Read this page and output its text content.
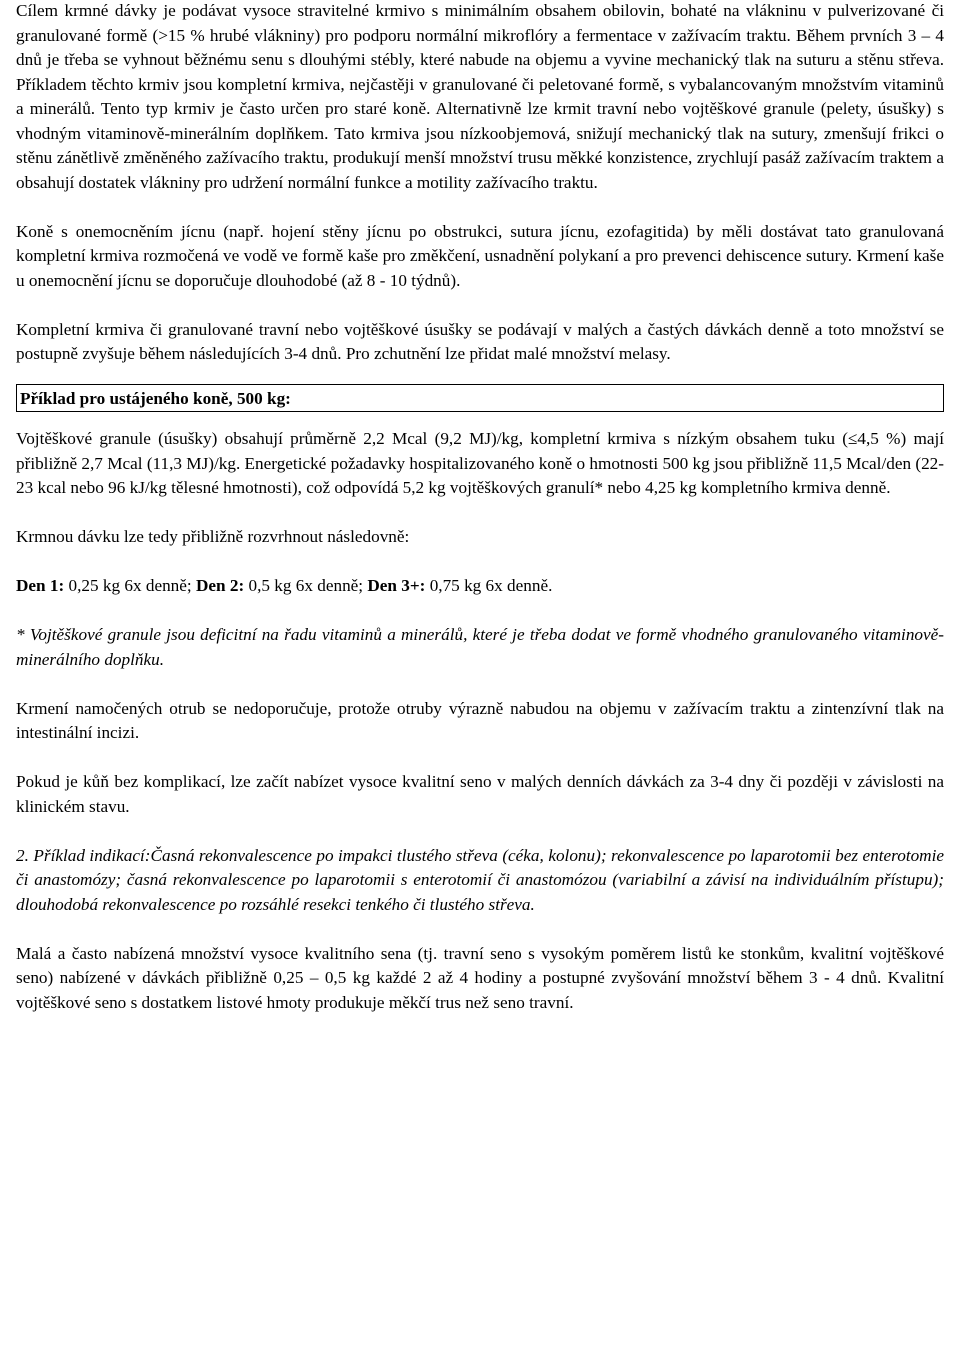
Cílem krmné dávky je podávat vysoce stravitelné krmivo s minimálním obsahem obilovin, bohaté na vlákninu v pulverizované či granulované formě (>15 % hrubé vlákniny) pro podporu normální mikroflóry a fermentace v zažívacím traktu. Během prvních 3 – 4 dnů je třeba se vyhnout běžnému senu s dlouhými stébly, které nabude na objemu a vyvine mechanický tlak na suturu a stěnu střeva. Příkladem těchto krmiv jsou kompletní krmiva, nejčastěji v granulované či peletované formě, s vybalancovaným množstvím vitaminů a minerálů. Tento typ krmiv je často určen pro staré koně. Alternativně lze krmit travní nebo vojtěškové granule (pelety, úsušky) s vhodným vitaminově-minerálním doplňkem. Tato krmiva jsou nízkoobjemová, snižují mechanický tlak na sutury, zmenšují frikci o stěnu zánětlivě změněného zažívacího traktu, produkují menší množství trusu měkké konzistence, zrychlují pasáž zažívacím traktem a obsahují dostatek vlákniny pro udržení normální funkce a motility zažívacího traktu.

Koně s onemocněním jícnu (např. hojení stěny jícnu po obstrukci, sutura jícnu, ezofagitida) by měli dostávat tato granulovaná kompletní krmiva rozmočená ve vodě ve formě kaše pro změkčení, usnadnění polykaní a pro prevenci dehiscence sutury. Krmení kaše u onemocnění jícnu se doporučuje dlouhodobé (až 8 - 10 týdnů).

Kompletní krmiva či granulované travní nebo vojtěškové úsušky se podávají v malých a častých dávkách denně a toto množství se postupně zvyšuje během následujících 3-4 dnů. Pro zchutnění lze přidat malé množství melasy.

Příklad pro ustájeného koně, 500 kg:

Vojtěškové granule (úsušky) obsahují průměrně 2,2 Mcal (9,2 MJ)/kg, kompletní krmiva s nízkým obsahem tuku (≤4,5 %) mají přibližně 2,7 Mcal (11,3 MJ)/kg. Energetické požadavky hospitalizovaného koně o hmotnosti 500 kg jsou přibližně 11,5 Mcal/den (22-23 kcal nebo 96 kJ/kg tělesné hmotnosti), což odpovídá 5,2 kg vojtěškových granulí* nebo 4,25 kg kompletního krmiva denně.

Krmnou dávku lze tedy přibližně rozvrhnout následovně:

Den 1: 0,25 kg 6x denně; Den 2: 0,5 kg 6x denně; Den 3+: 0,75 kg 6x denně.

* Vojtěškové granule jsou deficitní na řadu vitaminů a minerálů, které je třeba dodat ve formě vhodného granulovaného vitaminově-minerálního doplňku.

Krmení namočených otrub se nedoporučuje, protože otruby výrazně nabudou na objemu v zažívacím traktu a zintenzívní tlak na intestinální incizi.

Pokud je kůň bez komplikací, lze začít nabízet vysoce kvalitní seno v malých denních dávkách za 3-4 dny či později v závislosti na klinickém stavu.

2. Příklad indikací:Časná rekonvalescence po impakci tlustého střeva (céka, kolonu); rekonvalescence po laparotomii bez enterotomie či anastomózy; časná rekonvalescence po laparotomii s enterotomií či anastomózou (variabilní a závisí na individuálním přístupu); dlouhodobá rekonvalescence po rozsáhlé resekci tenkého či tlustého střeva.

Malá a často nabízená množství vysoce kvalitního sena (tj. travní seno s vysokým poměrem listů ke stonkům, kvalitní vojtěškové seno) nabízené v dávkách přibližně 0,25 – 0,5 kg každé 2 až 4 hodiny a postupné zvyšování množství během 3 - 4 dnů. Kvalitní vojtěškové seno s dostatkem listové hmoty produkuje měkčí trus než seno travní.
